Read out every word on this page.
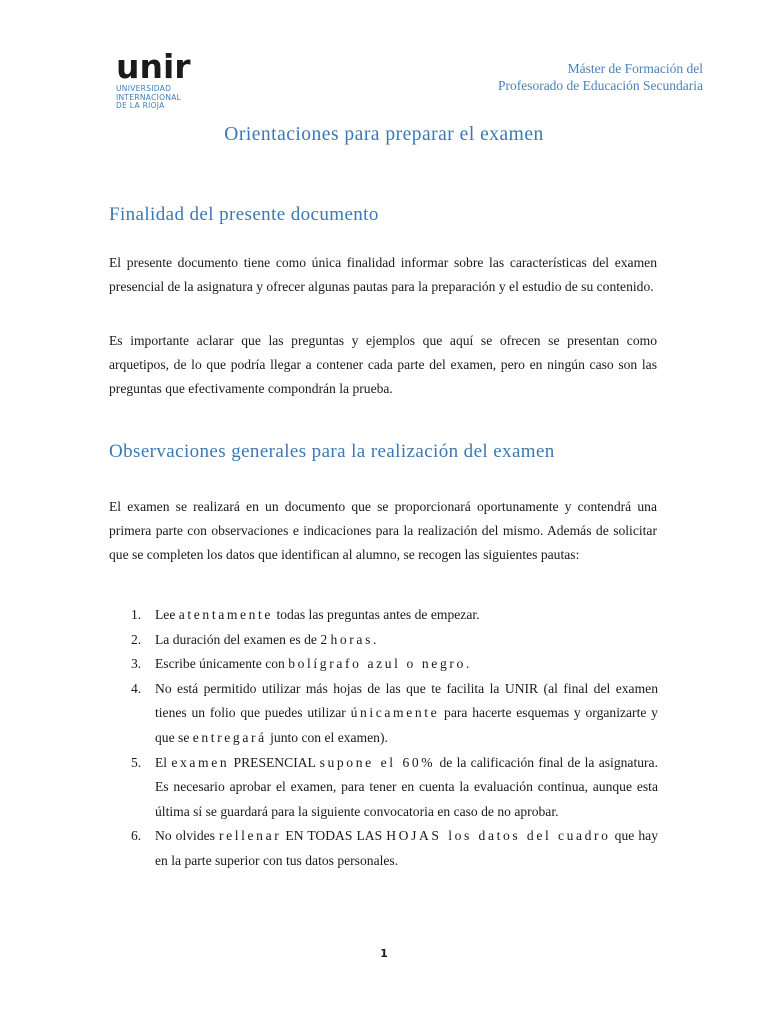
unir
UNIVERSIDAD
INTERNACIONAL
DE LA RIOJA
Máster de Formación del
Profesorado de Educación Secundaria
Orientaciones para preparar el examen
Finalidad del presente documento

El presente documento tiene como única finalidad informar sobre las características del examen presencial de la asignatura y ofrecer algunas pautas para la preparación y el estudio de su contenido.

Es importante aclarar que las preguntas y ejemplos que aquí se ofrecen se presentan como arquetipos, de lo que podría llegar a contener cada parte del examen, pero en ningún caso son las preguntas que efectivamente compondrán la prueba.

Observaciones generales para la realización del examen

El examen se realizará en un documento que se proporcionará oportunamente y contendrá una primera parte con observaciones e indicaciones para la realización del mismo. Además de solicitar que se completen los datos que identifican al alumno, se recogen las siguientes pautas:

1. Lee atentamente todas las preguntas antes de empezar.
2. La duración del examen es de 2 horas.
3. Escribe únicamente con bolígrafo azul o negro.
4. No está permitido utilizar más hojas de las que te facilita la UNIR (al final del examen tienes un folio que puedes utilizar únicamente para hacerte esquemas y organizarte y que se entregará junto con el examen).
5. El examen PRESENCIAL supone el 60% de la calificación final de la asignatura. Es necesario aprobar el examen, para tener en cuenta la evaluación continua, aunque esta última sí se guardará para la siguiente convocatoria en caso de no aprobar.
6. No olvides rellenar EN TODAS LAS HOJAS los datos del cuadro que hay en la parte superior con tus datos personales.
1
